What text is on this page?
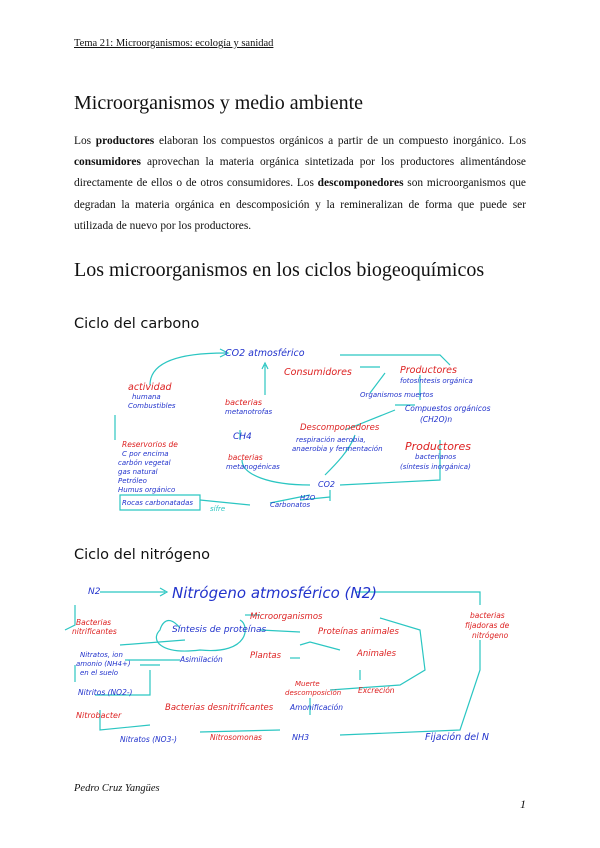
Tema 21: Microorganismos: ecología y sanidad
Microorganismos y medio ambiente

Los productores elaboran los compuestos orgánicos a partir de un compuesto inorgánico. Los consumidores aprovechan la materia orgánica sintetizada por los productores alimentándose directamente de ellos o de otros consumidores. Los descomponedores son microorganismos que degradan la materia orgánica en descomposición y la remineralizan de forma que puede ser utilizada de nuevo por los productores.

Los microorganismos en los ciclos biogeoquímicos
Ciclo del carbono
CO2 atmosférico
Consumidores	Productores
fotosíntesis orgánica
Organismos muertos
Compuestos orgánicos
(CH2O)n
actividad
humana
Combustibles	bacterias
metanotrofas
Descomponedores
respiración aerobia,
anaerobia y fermentación Productores
bacterianos
(síntesis inorgánica)
Reservorios de
C por encima
carbón vegetal
gas natural
Petróleo
Humus orgánico
Rocas carbonatadas
CH4
bacterias
metanogénicas
CO2
H2O
Carbonatos
sífre
Ciclo del nitrógeno
N2	Nitrógeno atmosférico (N2)
bacterias
fijadoras de
nitrógeno
Bacterias
nitrificantes
Microorganismos
Síntesis de proteínas	Proteínas animales
Nitratos, ion
amonio (NH4+)
en el suelo
Asimilación	Plantas	Animales
Nitritos (NO2-)
Bacterias desnitrificantes
Muerte
descomposición Excreción
Nitrobacter
Amonificación
Nitratos (NO3-)	Nitrosomonas	NH3	Fijación del N
Pedro Cruz Yangües
1
